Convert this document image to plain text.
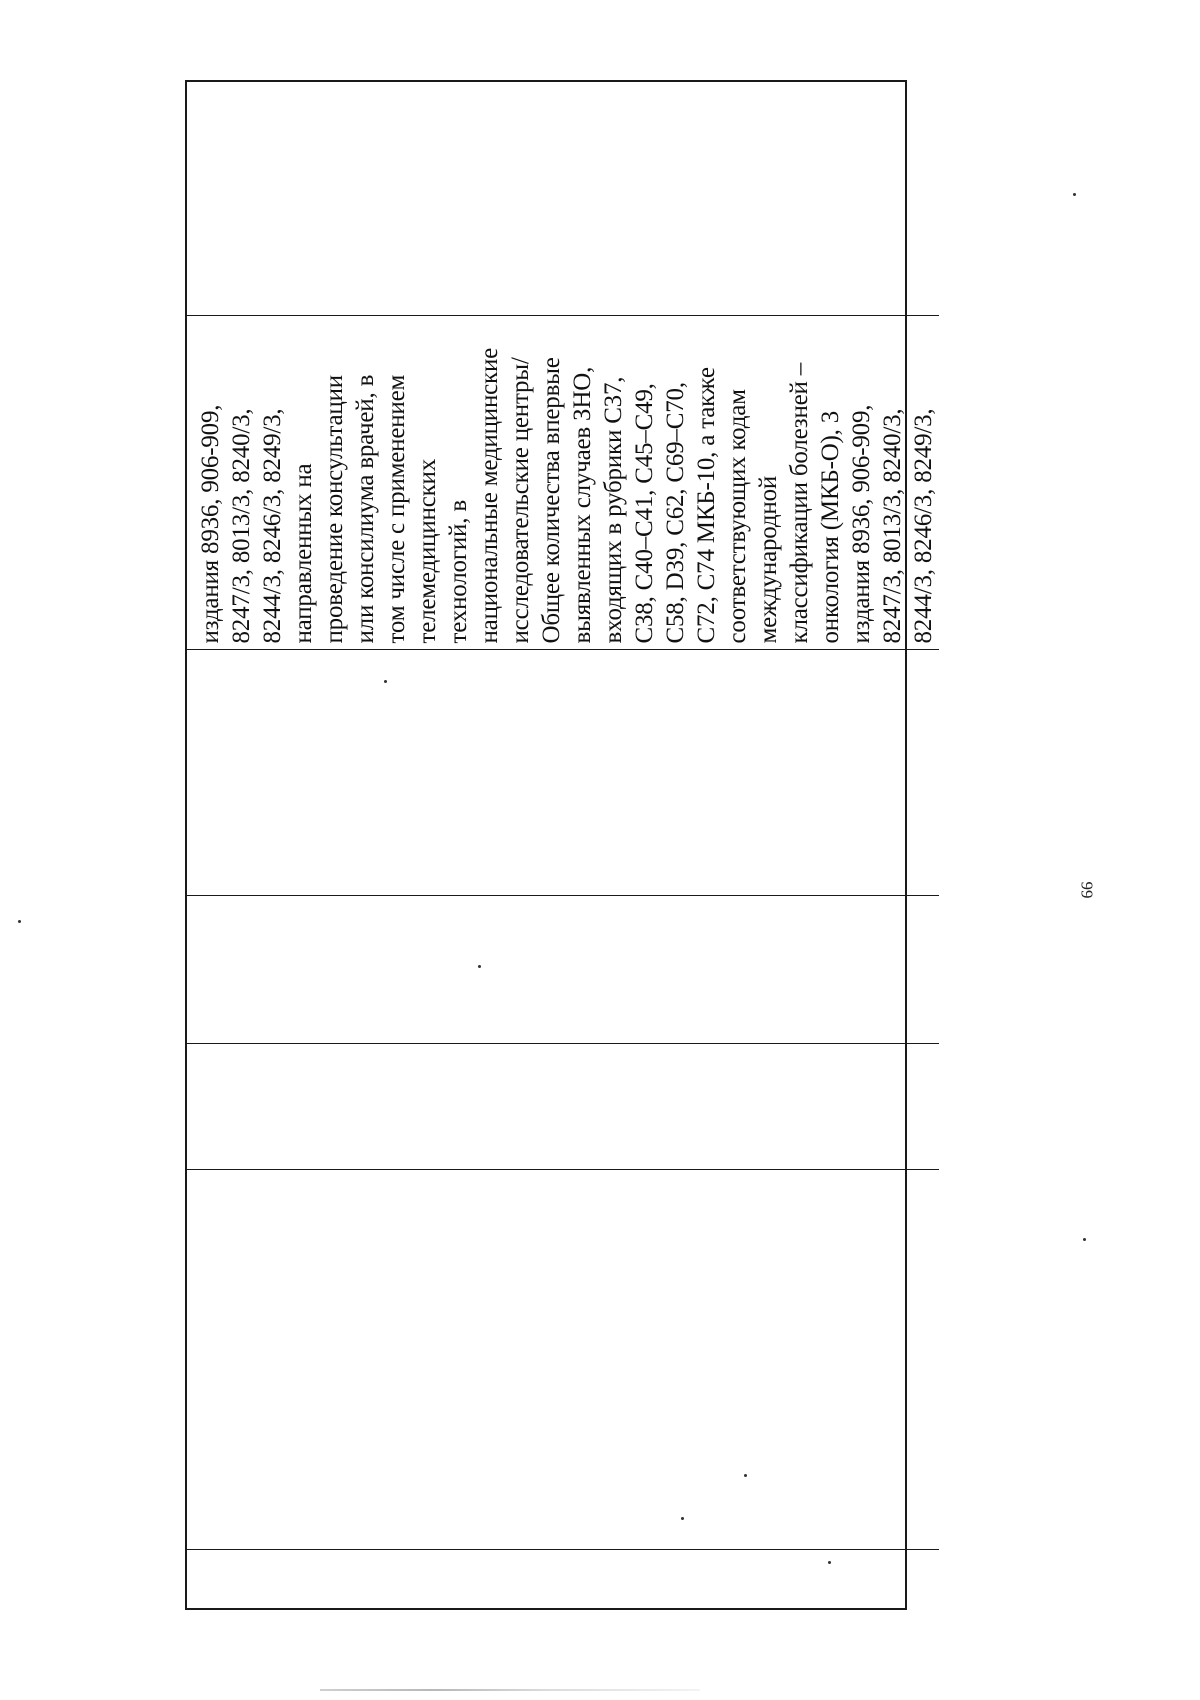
издания 8936, 906-909,
8247/3, 8013/3, 8240/3,
8244/3, 8246/3, 8249/3,
направленных на
проведение консультации
или консилиума врачей, в
том числе с применением
телемедицинских
технологий, в
национальные медицинские
исследовательские центры/
Общее количества впервые
выявленных случаев ЗНО,
входящих в рубрики С37,
С38, С40–С41, С45–С49,
С58, D39, С62, С69–С70,
С72, С74 МКБ-10, а также
соответствующих кодам
международной
классификации болезней –
онкология (МКБ-О), 3
издания 8936, 906-909,
8247/3, 8013/3, 8240/3,
8244/3, 8246/3, 8249/3,

99
